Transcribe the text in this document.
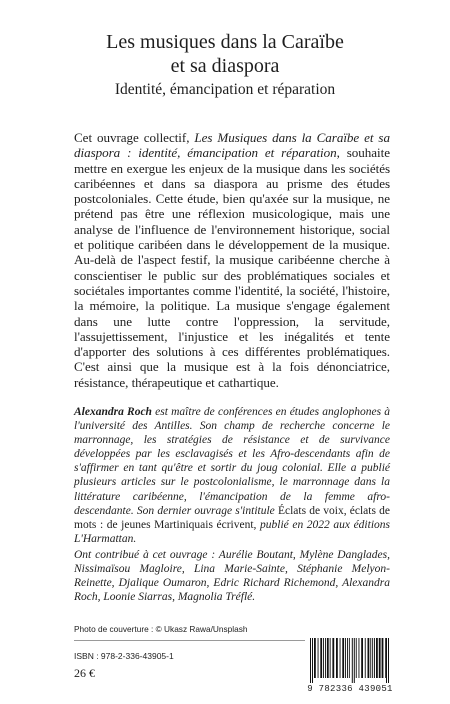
Les musiques dans la Caraïbe
et sa diaspora
Identité, émancipation et réparation
Cet ouvrage collectif, Les Musiques dans la Caraïbe et sa diaspora : identité, émancipation et réparation, souhaite mettre en exergue les enjeux de la musique dans les sociétés caribéennes et dans sa diaspora au prisme des études postcoloniales. Cette étude, bien qu'axée sur la musique, ne prétend pas être une réflexion musicologique, mais une analyse de l'influence de l'environnement historique, social et politique caribéen dans le développement de la musique. Au-delà de l'aspect festif, la musique caribéenne cherche à conscientiser le public sur des problématiques sociales et sociétales importantes comme l'identité, la société, l'histoire, la mémoire, la politique. La musique s'engage également dans une lutte contre l'oppression, la servitude, l'assujettissement, l'injustice et les inégalités et tente d'apporter des solutions à ces différentes problématiques. C'est ainsi que la musique est à la fois dénonciatrice, résistance, thérapeutique et cathartique.
Alexandra Roch est maître de conférences en études anglophones à l'université des Antilles. Son champ de recherche concerne le marronnage, les stratégies de résistance et de survivance développées par les esclavagisés et les Afro-descendants afin de s'affirmer en tant qu'être et sortir du joug colonial. Elle a publié plusieurs articles sur le postcolonialisme, le marronnage dans la littérature caribéenne, l'émancipation de la femme afro-descendante. Son dernier ouvrage s'intitule Éclats de voix, éclats de mots : de jeunes Martiniquais écrivent, publié en 2022 aux éditions L'Harmattan.
Ont contribué à cet ouvrage : Aurélie Boutant, Mylène Danglades, Nissimaïsou Magloire, Lina Marie-Sainte, Stéphanie Melyon-Reinette, Djalique Oumaron, Edric Richard Richemond, Alexandra Roch, Loonie Siarras, Magnolia Tréflé.
Photo de couverture : © Ukasz Rawa/Unsplash
ISBN : 978-2-336-43905-1
26 €
9 782336 439051
